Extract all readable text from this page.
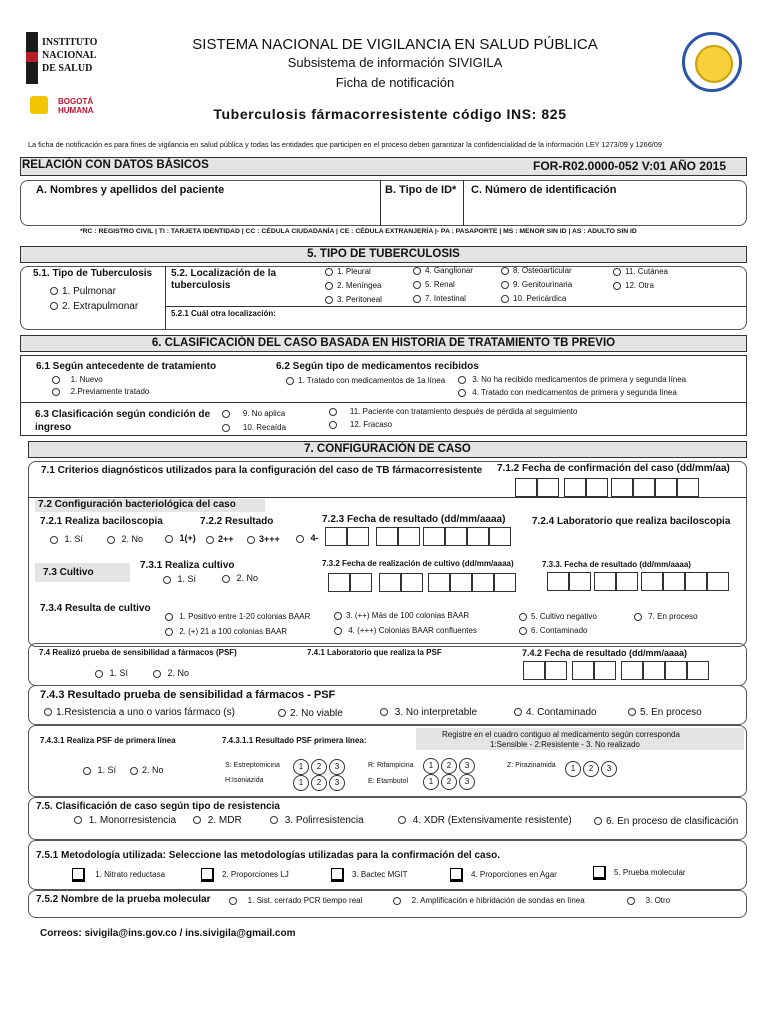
INSTITUTO NACIONAL DE SALUD
BOGOTÁ HUMANA
SISTEMA NACIONAL DE VIGILANCIA EN SALUD PÚBLICA
Subsistema de información SIVIGILA
Ficha de notificación
Tuberculosis fármacorresistente código INS: 825
La ficha de notificación es para fines de vigilancia en salud pública y todas las entidades que participen en el proceso deben garantizar la confidencialidad de la información LEY 1273/09 y 1266/09
RELACIÓN CON DATOS BÁSICOS	FOR-R02.0000-052 V:01 AÑO 2015
A. Nombres y apellidos del paciente	B. Tipo de ID* C. Número de identificación
*RC : REGISTRO CIVIL | TI : TARJETA IDENTIDAD | CC : CÉDULA CIUDADANÍA | CE : CÉDULA EXTRANJERÍA |- PA : PASAPORTE | MS : MENOR SIN ID | AS : ADULTO SIN ID
5. TIPO DE TUBERCULOSIS
5.1. Tipo de Tuberculosis
1. Pulmonar
2. Extrapulmonar
5.2. Localización de la tuberculosis
1. Pleural
2. Meníngea
3. Peritoneal
4. Ganglionar
5. Renal
7. Intestinal
8. Osteoarticular
9. Genitourinaria
10. Pericárdica
11. Cutánea
12. Otra
5.2.1 Cuál otra localización:
6. CLASIFICACIÓN DEL CASO BASADA EN HISTORIA DE TRATAMIENTO TB PREVIO
6.1 Según antecedente de tratamiento
1. Nuevo
2.Previamente tratado
6.2 Según tipo de medicamentos recibidos
1. Tratado con medicamentos de 1a línea	3. No ha recibido medicamentos de primera y segunda línea
4. Tratado con medicamentos de primera y segunda línea
6.3 Clasificación según condición de ingreso
9. No aplica
10. Recaída
11. Paciente con tratamiento después de pérdida al seguimiento
12. Fracaso
7. CONFIGURACIÓN DE CASO
7.1 Criterios diagnósticos utilizados para la configuración del caso de TB fármacorresistente 7.1.2 Fecha de confirmación del caso (dd/mm/aa)
7.2 Configuración bacteriológica del caso
7.2.1 Realiza baciloscopia	7.2.2 Resultado	7.2.3 Fecha de resultado (dd/mm/aaaa)	7.2.4 Laboratorio que realiza baciloscopia
1. Sí	2. No	1(+)	2++	3+++	4-
7.3 Cultivo
7.3.1 Realiza cultivo
1. Sí	2. No
7.3.2 Fecha de realización de cultivo (dd/mm/aaaa)	7.3.3. Fecha de resultado (dd/mm/aaaa)
7.3.4 Resulta de cultivo
1. Positivo entre 1-20 colonias BAAR
2. (+) 21 a 100 colonias BAAR
3. (++) Más de 100 colonias BAAR
4. (+++) Colonias BAAR confluentes
5. Cultivo negativo
6. Contaminado
7. En proceso
7.4 Realizó prueba de sensibilidad a fármacos (PSF)
1. Sí	2. No
7.4.1 Laboratorio que realiza la PSF	7.4.2 Fecha de resultado (dd/mm/aaaa)
7.4.3 Resultado prueba de sensibilidad a fármacos - PSF
1.Resistencia a uno o varios fármaco (s)	2. No viable	3. No interpretable	4. Contaminado	5. En proceso
7.4.3.1 Realiza PSF de primera línea	7.4.3.1.1 Resultado PSF primera línea:
Registre en el cuadro contiguo al medicamento según corresponda
1:Sensible - 2:Resistente - 3. No realizado
1. Sí	2. No	S: Estreptomicina	1 2 3
H:Isoniazida	1 2 3
R: Rifampicina	1 2 3
E: Etambutol	1 2 3
Z: Pirazinamida	1 2 3
7.5. Clasificación de caso según tipo de resistencia
1. Monorresistencia	2. MDR	3. Polirresistencia	4. XDR (Extensivamente resistente)	6. En proceso de clasificación
7.5.1 Metodología utilizada: Seleccione las metodologías utilizadas para la confirmación del caso.
1. Nitrato reductasa	2. Proporciones LJ	3. Bactec MGIT	4. Proporciones en Agar	5. Prueba molecular
7.5.2 Nombre de la prueba molecular	1. Sist. cerrado PCR tiempo real	2. Amplificación e hibridación de sondas en línea	3. Otro
Correos: sivigila@ins.gov.co / ins.sivigila@gmail.com
